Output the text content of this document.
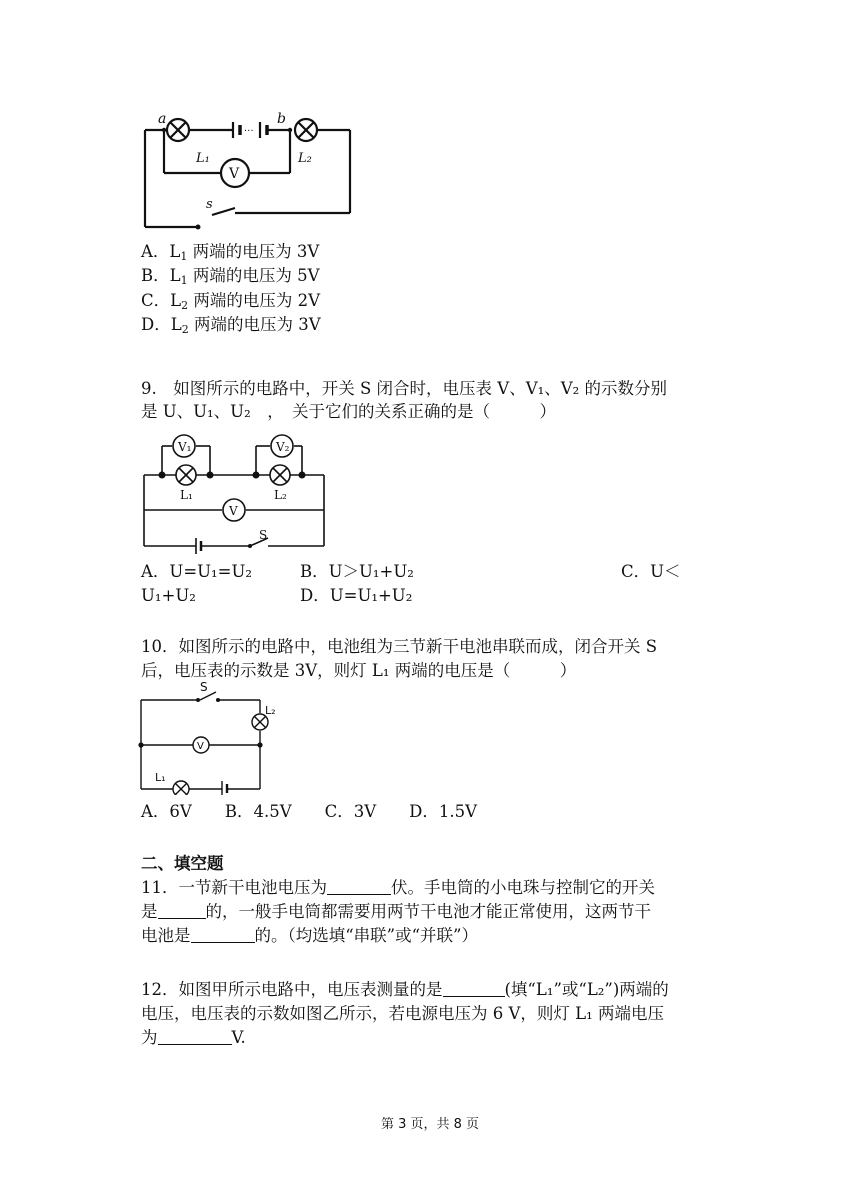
···
a	b
L₁	L₂
V
s
A．$L_1$ 两端的电压为 3V
B．$L_1$ 两端的电压为 5V
C．$L_2$ 两端的电压为 2V
D．$L_2$ 两端的电压为 3V
9.　如图所示的电路中，开关 S 闭合时，电压表 V、V₁、V₂ 的示数分别
是 U、U₁、U₂　，　关于它们的关系正确的是（　　　）
V₁	V₂
L₁	L₂
V
S
A．U=U₁=U₂	B．U＞U₁+U₂	C．U＜
U₁+U₂	D．U=U₁+U₂
10．如图所示的电路中，电池组为三节新干电池串联而成，闭合开关 S
后，电压表的示数是 3V，则灯 L₁ 两端的电压是（　　　）
S
L₂
V
L₁
A．6V　　B．4.5V　　C．3V　　D．1.5V
二、填空题
11．一节新干电池电压为	伏。手电筒的小电珠与控制它的开关
是	的，一般手电筒都需要用两节干电池才能正常使用，这两节干
电池是	的。（均选填“串联”或“并联”）
12．如图甲所示电路中，电压表测量的是	(填“L₁”或“L₂”)两端的
电压，电压表的示数如图乙所示，若电源电压为 6 V，则灯 L₁ 两端电压
为	V.
第 3 页，共 8 页
